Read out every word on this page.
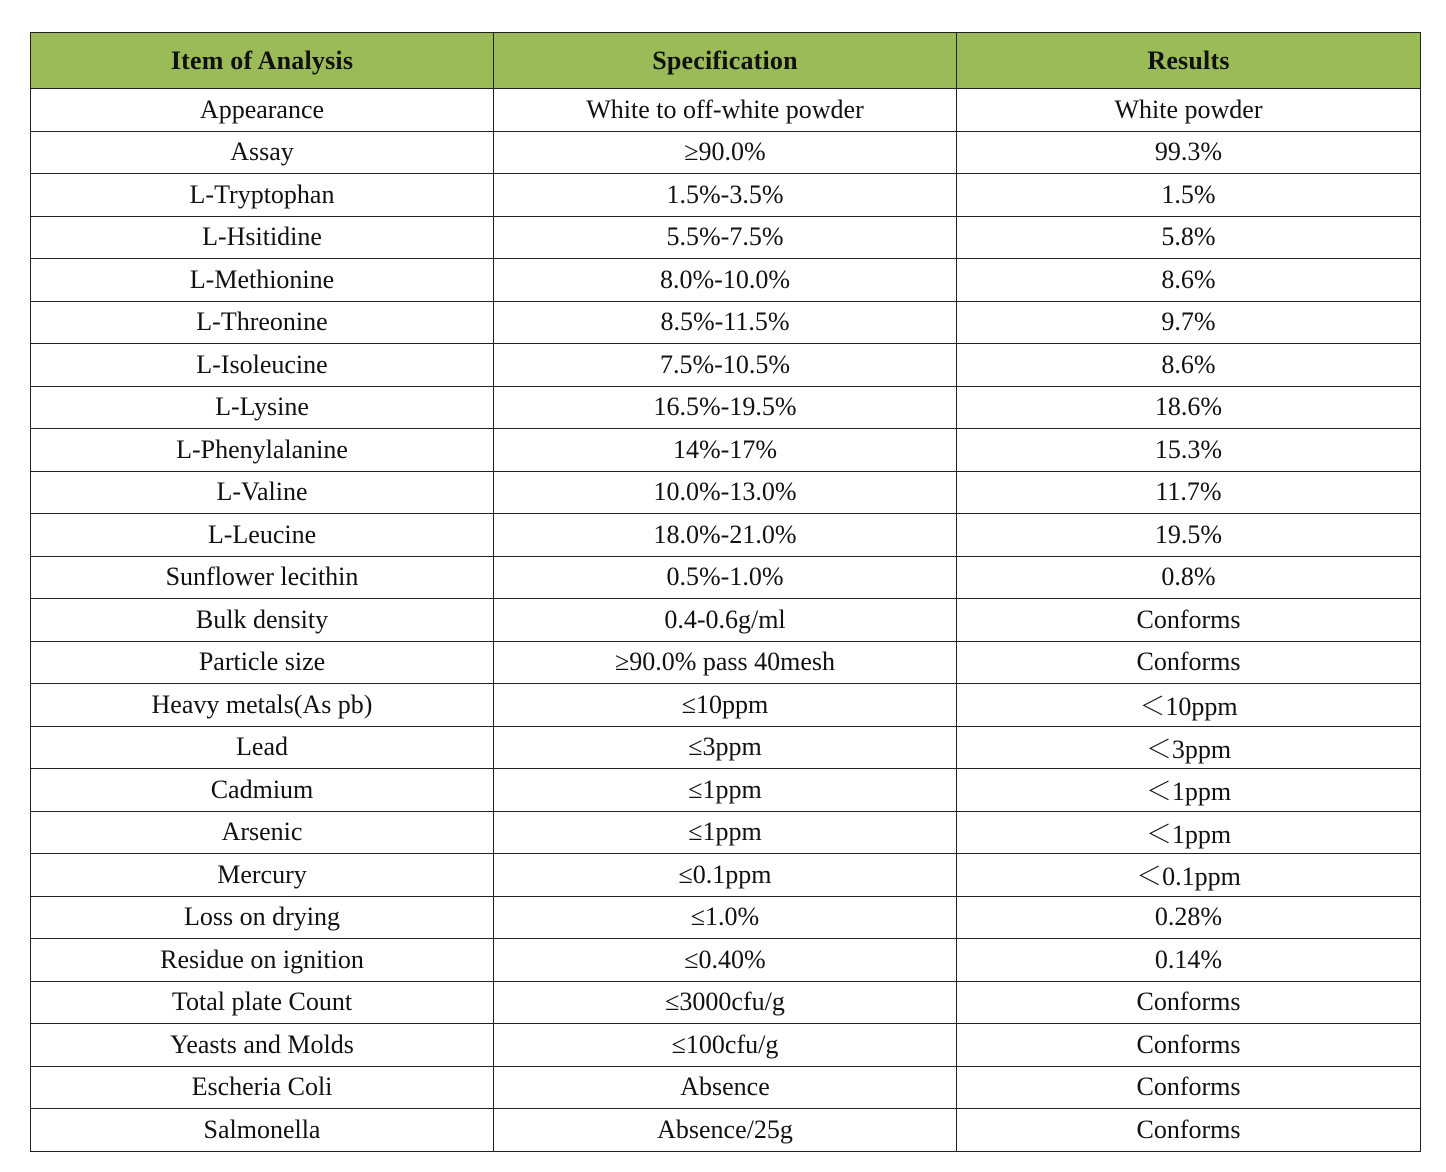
Item of Analysis	Specification	Results
Appearance	White to off-white powder	White powder
Assay	≥90.0%	99.3%
L-Tryptophan	1.5%-3.5%	1.5%
L-Hsitidine	5.5%-7.5%	5.8%
L-Methionine	8.0%-10.0%	8.6%
L-Threonine	8.5%-11.5%	9.7%
L-Isoleucine	7.5%-10.5%	8.6%
L-Lysine	16.5%-19.5%	18.6%
L-Phenylalanine	14%-17%	15.3%
L-Valine	10.0%-13.0%	11.7%
L-Leucine	18.0%-21.0%	19.5%
Sunflower lecithin	0.5%-1.0%	0.8%
Bulk density	0.4-0.6g/ml	Conforms
Particle size	≥90.0% pass 40mesh	Conforms
Heavy metals(As pb)	≤10ppm	＜10ppm
Lead	≤3ppm	＜3ppm
Cadmium	≤1ppm	＜1ppm
Arsenic	≤1ppm	＜1ppm
Mercury	≤0.1ppm	＜0.1ppm
Loss on drying	≤1.0%	0.28%
Residue on ignition	≤0.40%	0.14%
Total plate Count	≤3000cfu/g	Conforms
Yeasts and Molds	≤100cfu/g	Conforms
Escheria Coli	Absence	Conforms
Salmonella	Absence/25g	Conforms
